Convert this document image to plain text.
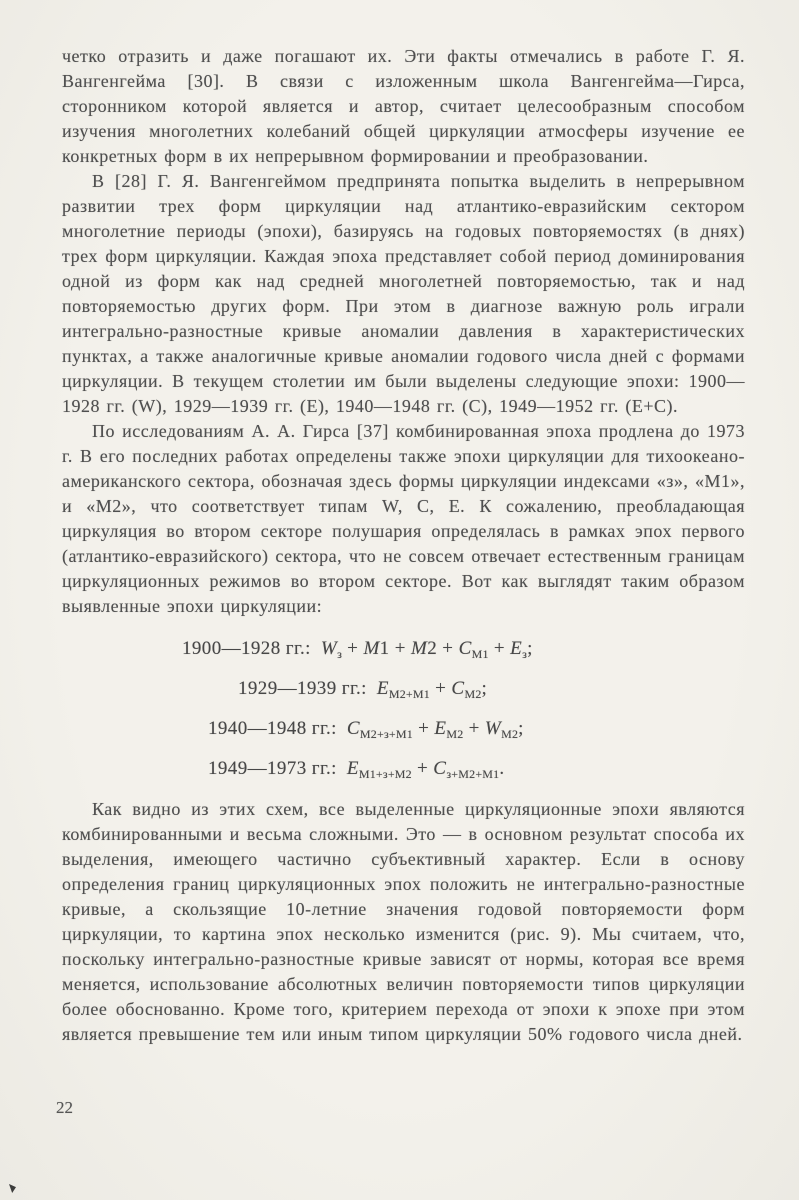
четко отразить и даже погашают их. Эти факты отмечались в работе Г. Я. Вангенгейма [30]. В связи с изложенным школа Вангенгейма—Гирса, сторонником которой является и автор, считает целесообразным способом изучения многолетних колебаний общей циркуляции атмосферы изучение ее конкретных форм в их непрерывном формировании и преобразовании.

В [28] Г. Я. Вангенгеймом предпринята попытка выделить в непрерывном развитии трех форм циркуляции над атлантико-евразийским сектором многолетние периоды (эпохи), базируясь на годовых повторяемостях (в днях) трех форм циркуляции. Каждая эпоха представляет собой период доминирования одной из форм как над средней многолетней повторяемостью, так и над повторяемостью других форм. При этом в диагнозе важную роль играли интегрально-разностные кривые аномалии давления в характеристических пунктах, а также аналогичные кривые аномалии годового числа дней с формами циркуляции. В текущем столетии им были выделены следующие эпохи: 1900—1928 гг. (W), 1929—1939 гг. (E), 1940—1948 гг. (C), 1949—1952 гг. (E+C).

По исследованиям А. А. Гирса [37] комбинированная эпоха продлена до 1973 г. В его последних работах определены также эпохи циркуляции для тихоокеано-американского сектора, обозначая здесь формы циркуляции индексами «з», «М1», и «М2», что соответствует типам W, C, E. К сожалению, преобладающая циркуляция во втором секторе полушария определялась в рамках эпох первого (атлантико-евразийского) сектора, что не совсем отвечает естественным границам циркуляционных режимов во втором секторе. Вот как выглядят таким образом выявленные эпохи циркуляции:

1900—1928 гг.: $W_з + M1 + M2 + C_{М1} + E_з$;
1929—1939 гг.: $E_{М2+М1} + C_{М2}$;
1940—1948 гг.: $C_{М2+з+М1} + E_{М2} + W_{М2}$;
1949—1973 гг.: $E_{М1+з+М2} + C_{з+М2+М1}$.

Как видно из этих схем, все выделенные циркуляционные эпохи являются комбинированными и весьма сложными. Это — в основном результат способа их выделения, имеющего частично субъективный характер. Если в основу определения границ циркуляционных эпох положить не интегрально-разностные кривые, а скользящие 10-летние значения годовой повторяемости форм циркуляции, то картина эпох несколько изменится (рис. 9). Мы считаем, что, поскольку интегрально-разностные кривые зависят от нормы, которая все время меняется, использование абсолютных величин повторяемости типов циркуляции более обоснованно. Кроме того, критерием перехода от эпохи к эпохе при этом является превышение тем или иным типом циркуляции 50% годового числа дней.

22
